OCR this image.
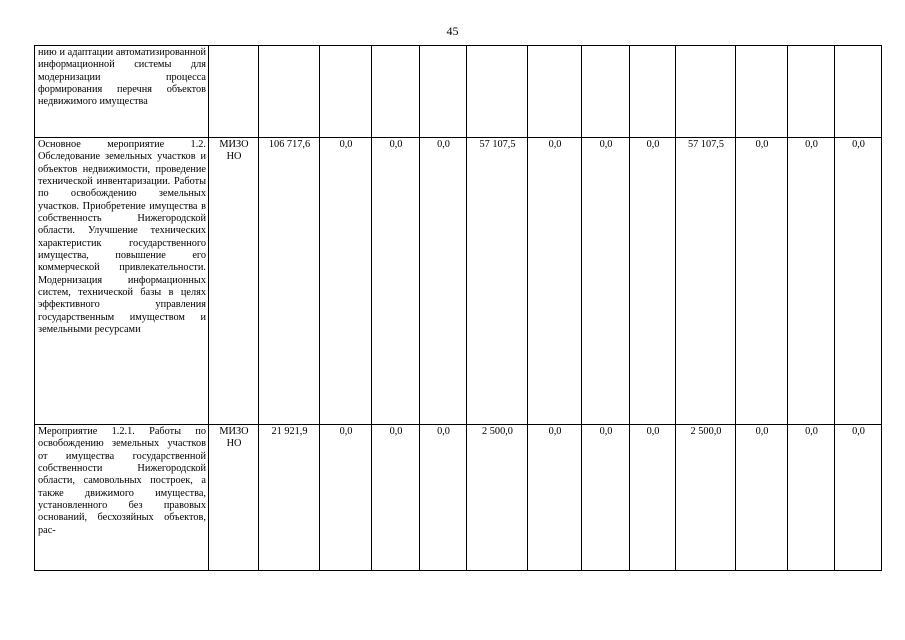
45
нию и адаптации автоматизированной информационной системы для модернизации процесса формирования перечня объектов недвижимого имущества													
Основное мероприятие 1.2. Обследование земельных участков и объектов недвижимости, проведение технической инвентаризации. Работы по освобождению земельных участков. Приобретение имущества в собственность Нижегородской области. Улучшение технических характеристик государственного имущества, повышение его коммерческой привлекательности. Модернизация информационных систем, технической базы в целях эффективного управления государственным имуществом и земельными ресурсами	МИЗО НО	106 717,6	0,0	0,0	0,0	57 107,5	0,0	0,0	0,0	57 107,5	0,0	0,0	0,0
Мероприятие 1.2.1. Работы по освобождению земельных участков от имущества государственной собственности Нижегородской области, самовольных построек, а также движимого имущества, установленного без правовых оснований, бесхозяйных объектов, рас-	МИЗО НО	21 921,9	0,0	0,0	0,0	2 500,0	0,0	0,0	0,0	2 500,0	0,0	0,0	0,0
